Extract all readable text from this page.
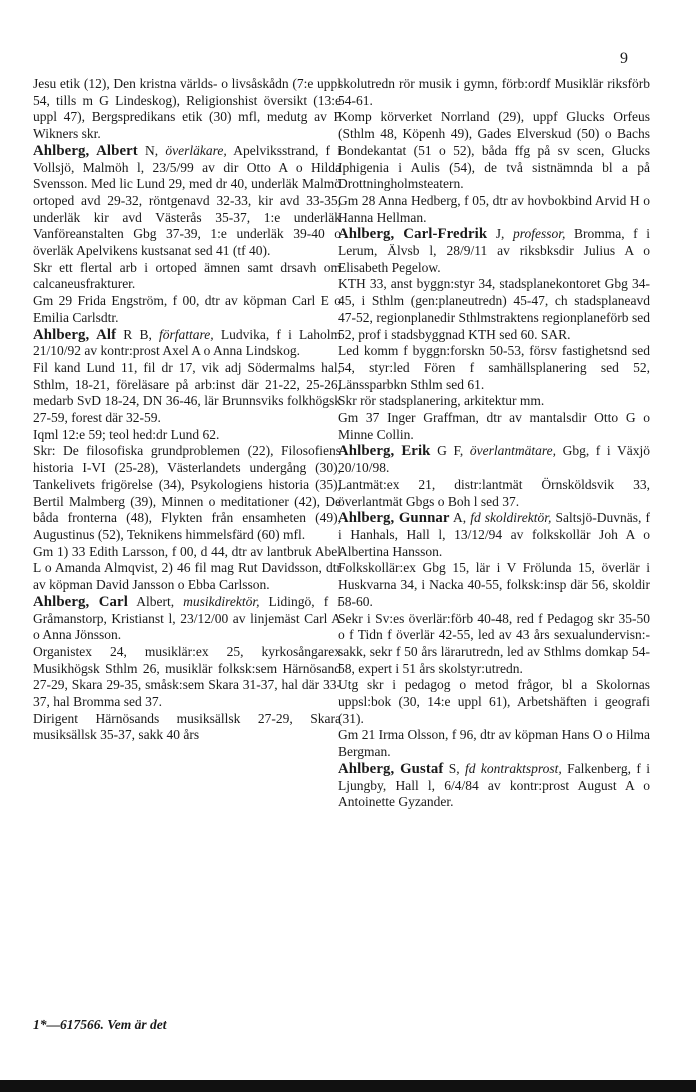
9

Jesu etik (12), Den kristna världs- o livsåskådn (7:e uppl 54, tills m G Lindeskog), Religionshist översikt (13:e uppl 47), Bergspredikans etik (30) mfl, medutg av P Wikners skr.

Ahlberg, Albert N, överläkare, Apelviksstrand, f i Vollsjö, Malmöh l, 23/5/99 av dir Otto A o Hilda Svensson. Med lic Lund 29, med dr 40, underläk Malmö ortoped avd 29-32, röntgenavd 32-33, kir avd 33-35, underläk kir avd Västerås 35-37, 1:e underläk Vanföreanstalten Gbg 37-39, 1:e underläk 39-40 o överläk Apelvikens kustsanat sed 41 (tf 40).

Skr ett flertal arb i ortoped ämnen samt drsavh om calcaneusfrakturer.

Gm 29 Frida Engström, f 00, dtr av köpman Carl E o Emilia Carlsdtr.

Ahlberg, Alf R B, författare, Ludvika, f i Laholm 21/10/92 av kontr:prost Axel A o Anna Lindskog.

Fil kand Lund 11, fil dr 17, vik adj Södermalms hal, Sthlm, 18-21, föreläsare på arb:inst där 21-22, 25-26, medarb SvD 18-24, DN 36-46, lär Brunnsviks folkhögsk 27-59, forest där 32-59.

Iqml 12:e 59; teol hed:dr Lund 62.

Skr: De filosofiska grundproblemen (22), Filosofiens historia I-VI (25-28), Västerlandets undergång (30), Tankelivets frigörelse (34), Psykologiens historia (35), Bertil Malmberg (39), Minnen o meditationer (42), De båda fronterna (48), Flykten från ensamheten (49), Augustinus (52), Teknikens himmelsfärd (60) mfl.

Gm 1) 33 Edith Larsson, f 00, d 44, dtr av lantbruk Abel L o Amanda Almqvist, 2) 46 fil mag Rut Davidsson, dtr av köpman David Jansson o Ebba Carlsson.

Ahlberg, Carl Albert, musikdirektör, Lidingö, f i Gråmanstorp, Kristianst l, 23/12/00 av linjemäst Carl A o Anna Jönsson.

Organistex 24, musiklär:ex 25, kyrkosångarex Musikhögsk Sthlm 26, musiklär folksk:sem Härnösand 27-29, Skara 29-35, småsk:sem Skara 31-37, hal där 33-37, hal Bromma sed 37.

Dirigent Härnösands musiksällsk 27-29, Skara musiksällsk 35-37, sakk 40 års

skolutredn rör musik i gymn, förb:ordf Musiklär riksförb 54-61.

Komp körverket Norrland (29), uppf Glucks Orfeus (Sthlm 48, Köpenh 49), Gades Elverskud (50) o Bachs Bondekantat (51 o 52), båda ffg på sv scen, Glucks Iphigenia i Aulis (54), de två sistnämnda bl a på Drottningholmsteatern.

Gm 28 Anna Hedberg, f 05, dtr av hovbokbind Arvid H o Hanna Hellman.

Ahlberg, Carl-Fredrik J, professor, Bromma, f i Lerum, Älvsb l, 28/9/11 av riksbksdir Julius A o Elisabeth Pegelow.

KTH 33, anst byggn:styr 34, stadsplanekontoret Gbg 34-45, i Sthlm (gen:planeutredn) 45-47, ch stadsplaneavd 47-52, regionplanedir Sthlmstraktens regionplaneförb sed 52, prof i stadsbyggnad KTH sed 60. SAR.

Led komm f byggn:forskn 50-53, försv fastighetsnd sed 54, styr:led Fören f samhällsplanering sed 52, Länssparbkn Sthlm sed 61.

Skr rör stadsplanering, arkitektur mm.

Gm 37 Inger Graffman, dtr av mantalsdir Otto G o Minne Collin.

Ahlberg, Erik G F, överlantmätare, Gbg, f i Växjö 20/10/98.

Lantmät:ex 21, distr:lantmät Örnsköldsvik 33, överlantmät Gbgs o Boh l sed 37.

Ahlberg, Gunnar A, fd skoldirektör, Saltsjö-Duvnäs, f i Hanhals, Hall l, 13/12/94 av folkskollär Joh A o Albertina Hansson.

Folkskollär:ex Gbg 15, lär i V Frölunda 15, överlär i Huskvarna 34, i Nacka 40-55, folksk:insp där 56, skoldir 58-60.

Sekr i Sv:es överlär:förb 40-48, red f Pedagog skr 35-50 o f Tidn f överlär 42-55, led av 43 års sexualundervisn:-sakk, sekr f 50 års lärarutredn, led av Sthlms domkap 54-58, expert i 51 års skolstyr:utredn.

Utg skr i pedagog o metod frågor, bl a Skolornas uppsl:bok (30, 14:e uppl 61), Arbetshäften i geografi (31).

Gm 21 Irma Olsson, f 96, dtr av köpman Hans O o Hilma Bergman.

Ahlberg, Gustaf S, fd kontraktsprost, Falkenberg, f i Ljungby, Hall l, 6/4/84 av kontr:prost August A o Antoinette Gyzander.

1*—617566. Vem är det
